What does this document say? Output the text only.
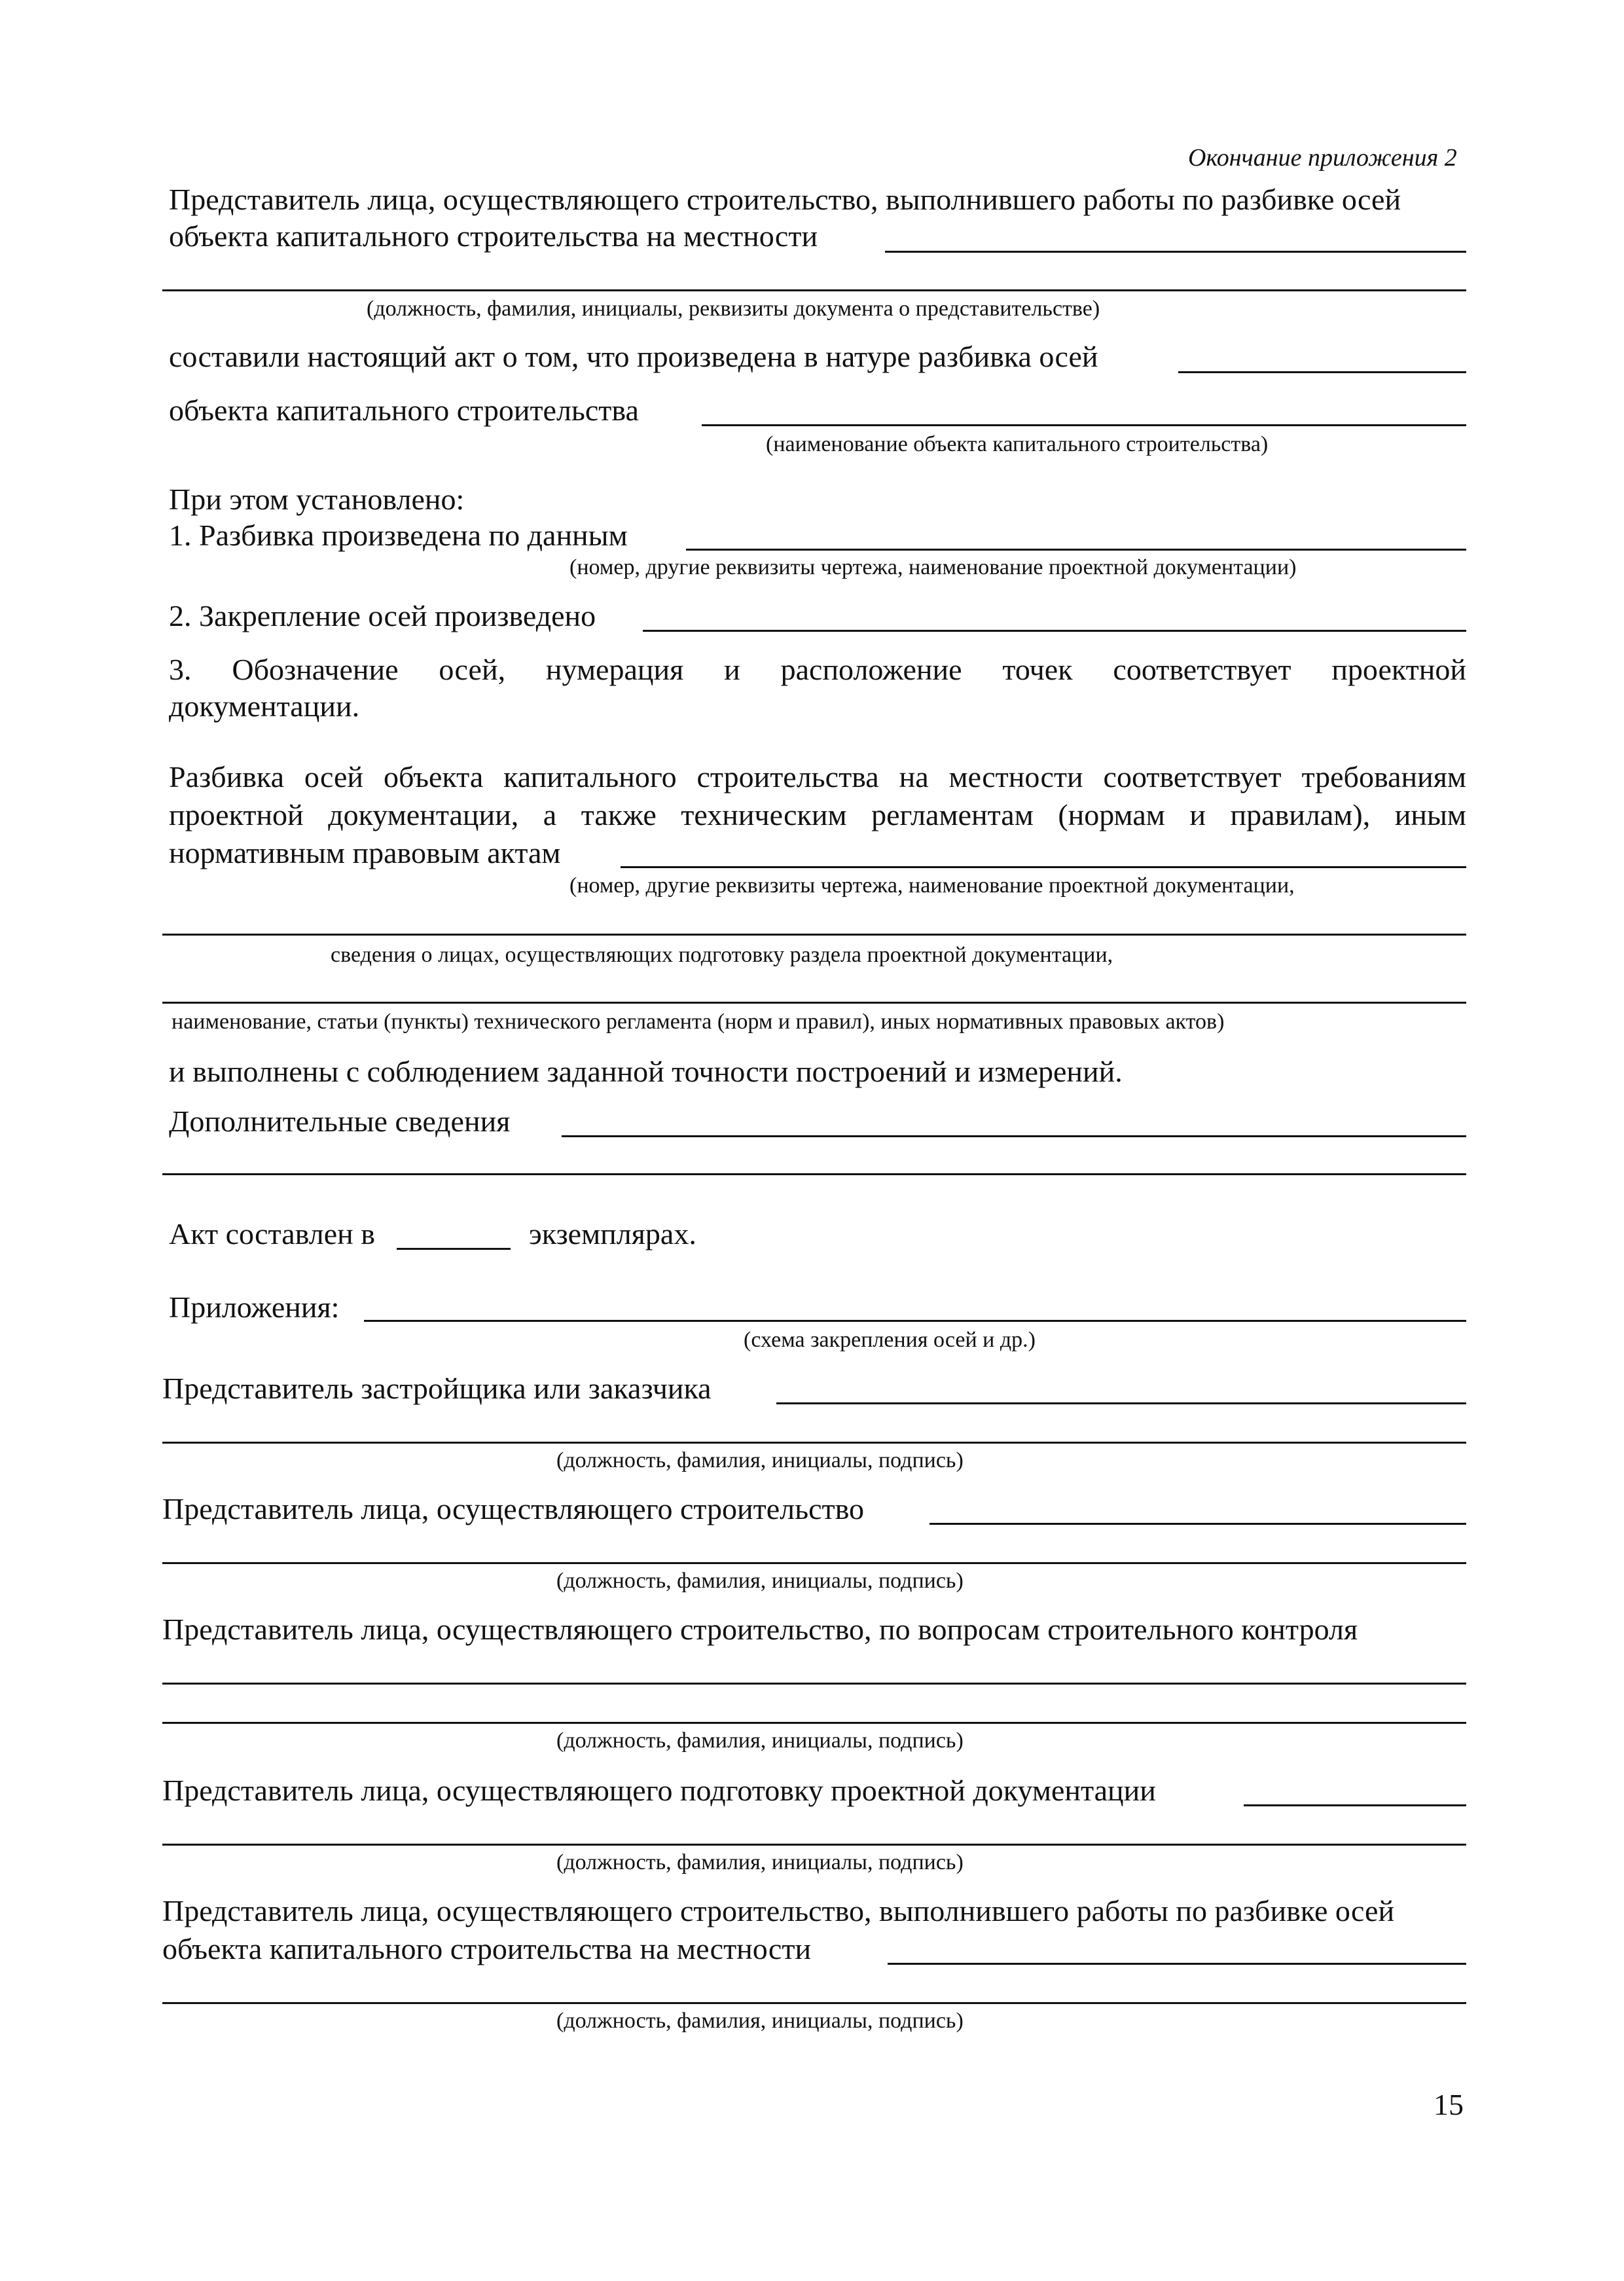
Окончание приложения 2
Представитель лица, осуществляющего строительство, выполнившего работы по разбивке осей
объекта капитального строительства на местности
(должность, фамилия, инициалы, реквизиты документа о представительстве)
составили настоящий акт о том, что произведена в натуре разбивка осей
объекта капитального строительства
(наименование объекта капитального строительства)
При этом установлено:
1. Разбивка произведена по данным
(номер, другие реквизиты чертежа, наименование проектной документации)
2. Закрепление осей произведено
3. Обозначение осей, нумерация и расположение точек соответствует проектной
документации.
Разбивка осей объекта капитального строительства на местности соответствует требованиям
проектной документации, а также техническим регламентам (нормам и правилам), иным
нормативным правовым актам
(номер, другие реквизиты чертежа, наименование проектной документации,
сведения о лицах, осуществляющих подготовку раздела проектной документации,
наименование, статьи (пункты) технического регламента (норм и правил), иных нормативных правовых актов)
и выполнены с соблюдением заданной точности построений и измерений.
Дополнительные сведения
Акт составлен в	экземплярах.
Приложения:
(схема закрепления осей и др.)
Представитель застройщика или заказчика
(должность, фамилия, инициалы, подпись)
Представитель лица, осуществляющего строительство
(должность, фамилия, инициалы, подпись)
Представитель лица, осуществляющего строительство, по вопросам строительного контроля
(должность, фамилия, инициалы, подпись)
Представитель лица, осуществляющего подготовку проектной документации
(должность, фамилия, инициалы, подпись)
Представитель лица, осуществляющего строительство, выполнившего работы по разбивке осей
объекта капитального строительства на местности
(должность, фамилия, инициалы, подпись)
15
